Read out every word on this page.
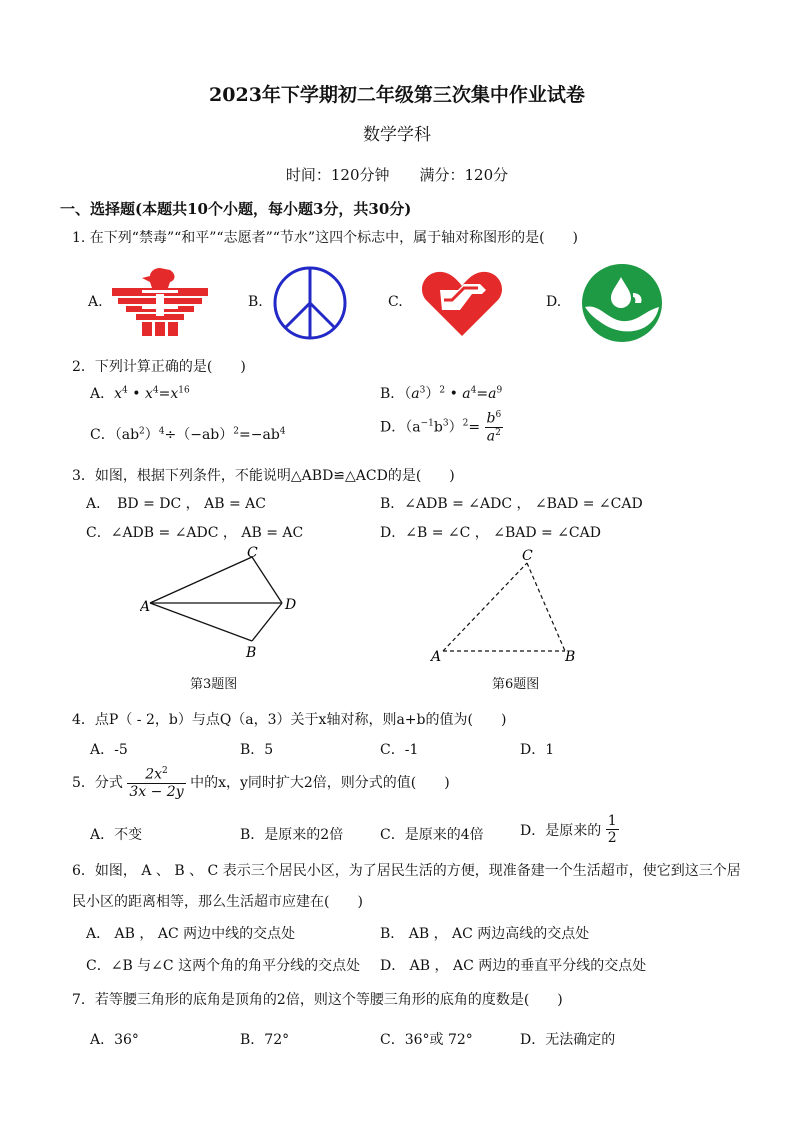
2023年下学期初二年级第三次集中作业试卷
数学学科
时间：120分钟　　满分：120分
一、选择题(本题共10个小题，每小题3分，共30分)
1. 在下列“禁毒”“和平”“志愿者”“节水”这四个标志中，属于轴对称图形的是(　　)
A.	B.	C.	D.
2．下列计算正确的是(　　)
A．$x^4$ • $x^4=x^{16}$	B．$(a^3)^2$ • $a^4=a^9$
C．$(ab^2)^4\div(-ab)^2=-ab^4$	D．$(a^{-1}b^3)^2= \frac{b^6}{a^2}$
3．如图，根据下列条件，不能说明△ABD≌△ACD的是(　　)
A．　BD = DC ， AB = AC	B．∠ADB = ∠ADC ， ∠BAD = ∠CAD
C．∠ADB = ∠ADC ， AB = AC	D．∠B = ∠C ， ∠BAD = ∠CAD
A
C
D
B
第3题图
C
A	B
第6题图
4．点P（ - 2，b）与点Q（a，3）关于x轴对称，则a+b的值为(　　)
A．-5	B．5	C．-1	D．1
5．分式 $\frac{2x^2}{3x - 2y}$ 中的x，y同时扩大2倍，则分式的值(　　)
A．不变	B．是原来的2倍	C．是原来的4倍	D．是原来的 $\frac{1}{2}$
6．如图， A 、 B 、 C 表示三个居民小区，为了居民生活的方便，现准备建一个生活超市，使它到这三个居
民小区的距离相等，那么生活超市应建在(　　)
A． AB ， AC 两边中线的交点处	B． AB ， AC 两边高线的交点处
C．∠B 与∠C 这两个角的角平分线的交点处 D． AB ， AC 两边的垂直平分线的交点处
7．若等腰三角形的底角是顶角的2倍，则这个等腰三角形的底角的度数是(　　)
A．36°	B．72°	C．36°或 72°	D．无法确定的
